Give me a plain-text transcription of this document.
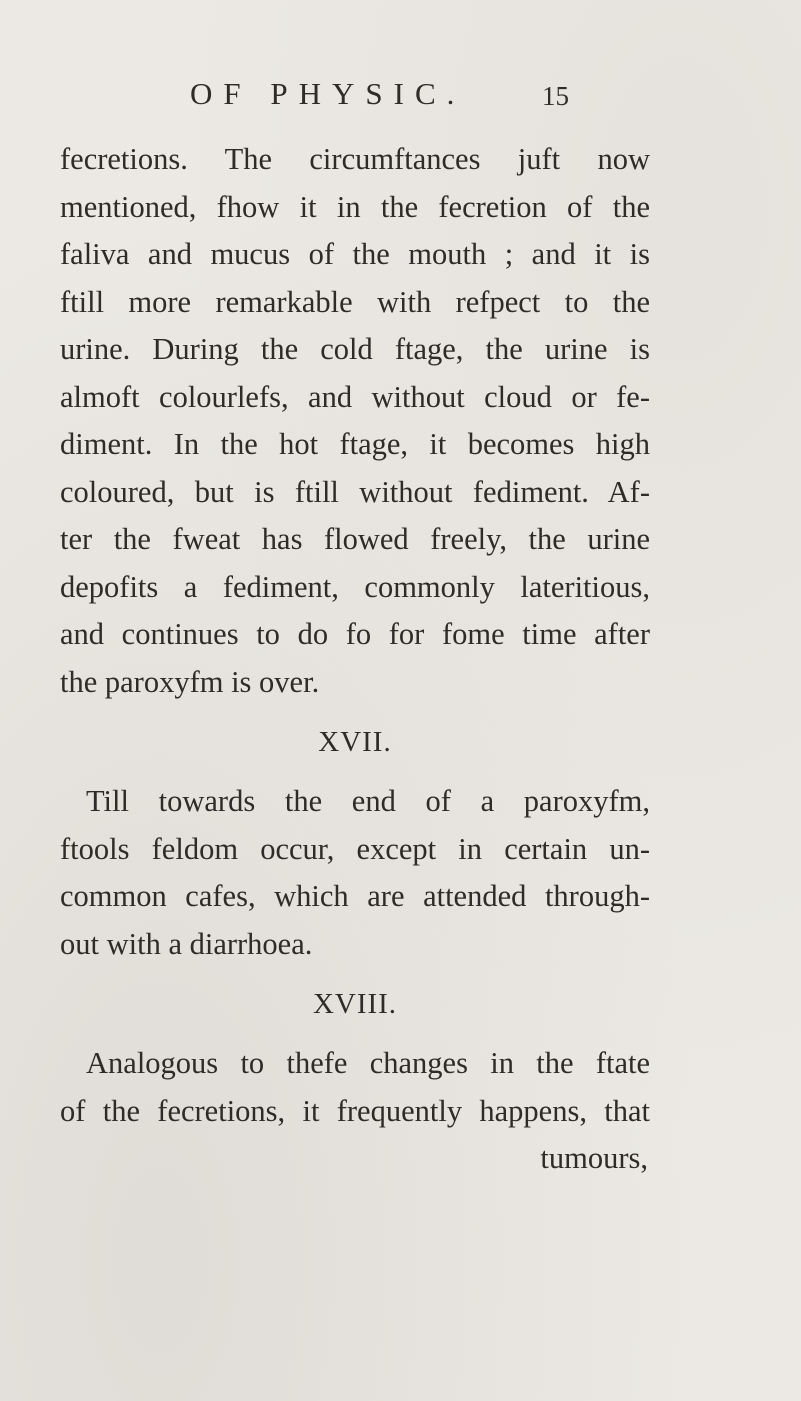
OF PHYSIC.	15
fecretions. The circumftances juft now
mentioned, fhow it in the fecretion of the
faliva and mucus of the mouth ; and it is
ftill more remarkable with refpect to the
urine. During the cold ftage, the urine is
almoft colourlefs, and without cloud or fe-
diment. In the hot ftage, it becomes high
coloured, but is ftill without fediment. Af-
ter the fweat has flowed freely, the urine
depofits a fediment, commonly lateritious,
and continues to do fo for fome time after
the paroxyfm is over.
XVII.
Till towards the end of a paroxyfm,
ftools feldom occur, except in certain un-
common cafes, which are attended through-
out with a diarrhoea.
XVIII.
Analogous to thefe changes in the ftate
of the fecretions, it frequently happens, that
tumours,
